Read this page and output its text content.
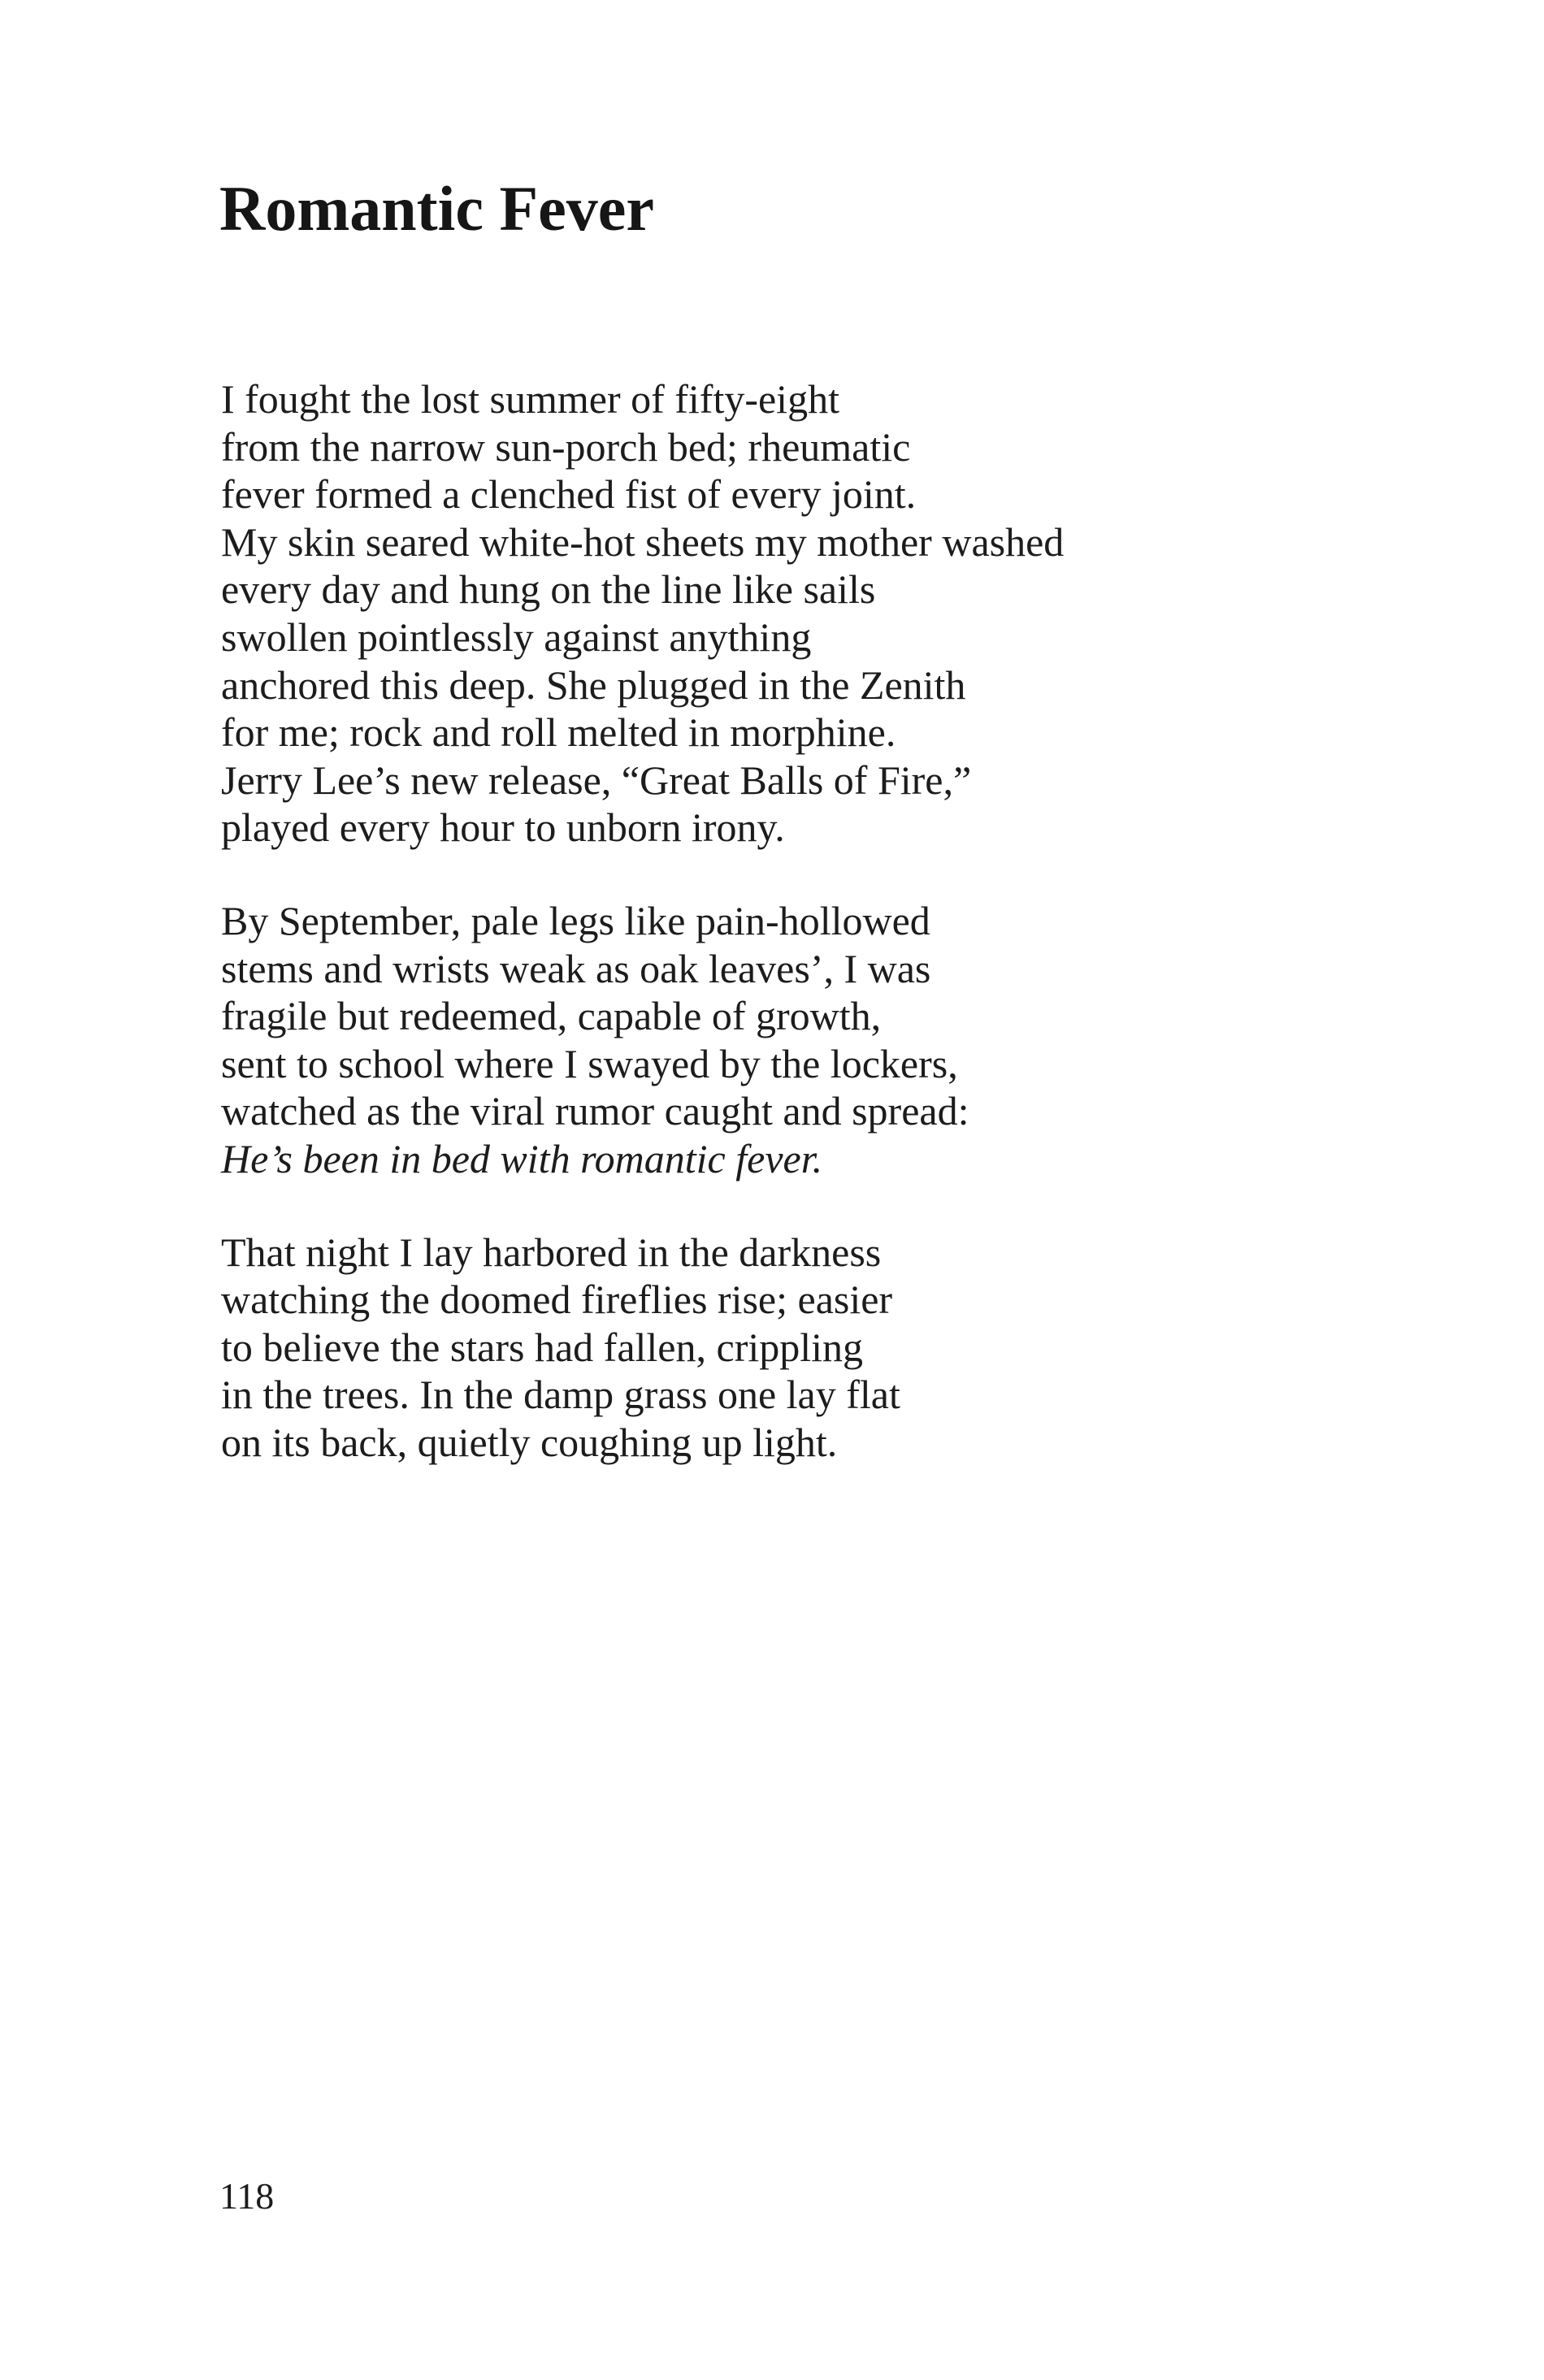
Romantic Fever

I fought the lost summer of fifty-eight
from the narrow sun-porch bed; rheumatic
fever formed a clenched fist of every joint.
My skin seared white-hot sheets my mother washed
every day and hung on the line like sails
swollen pointlessly against anything
anchored this deep. She plugged in the Zenith
for me; rock and roll melted in morphine.
Jerry Lee’s new release, “Great Balls of Fire,”
played every hour to unborn irony.

By September, pale legs like pain-hollowed
stems and wrists weak as oak leaves’, I was
fragile but redeemed, capable of growth,
sent to school where I swayed by the lockers,
watched as the viral rumor caught and spread:
He’s been in bed with romantic fever.

That night I lay harbored in the darkness
watching the doomed fireflies rise; easier
to believe the stars had fallen, crippling
in the trees. In the damp grass one lay flat
on its back, quietly coughing up light.

118
